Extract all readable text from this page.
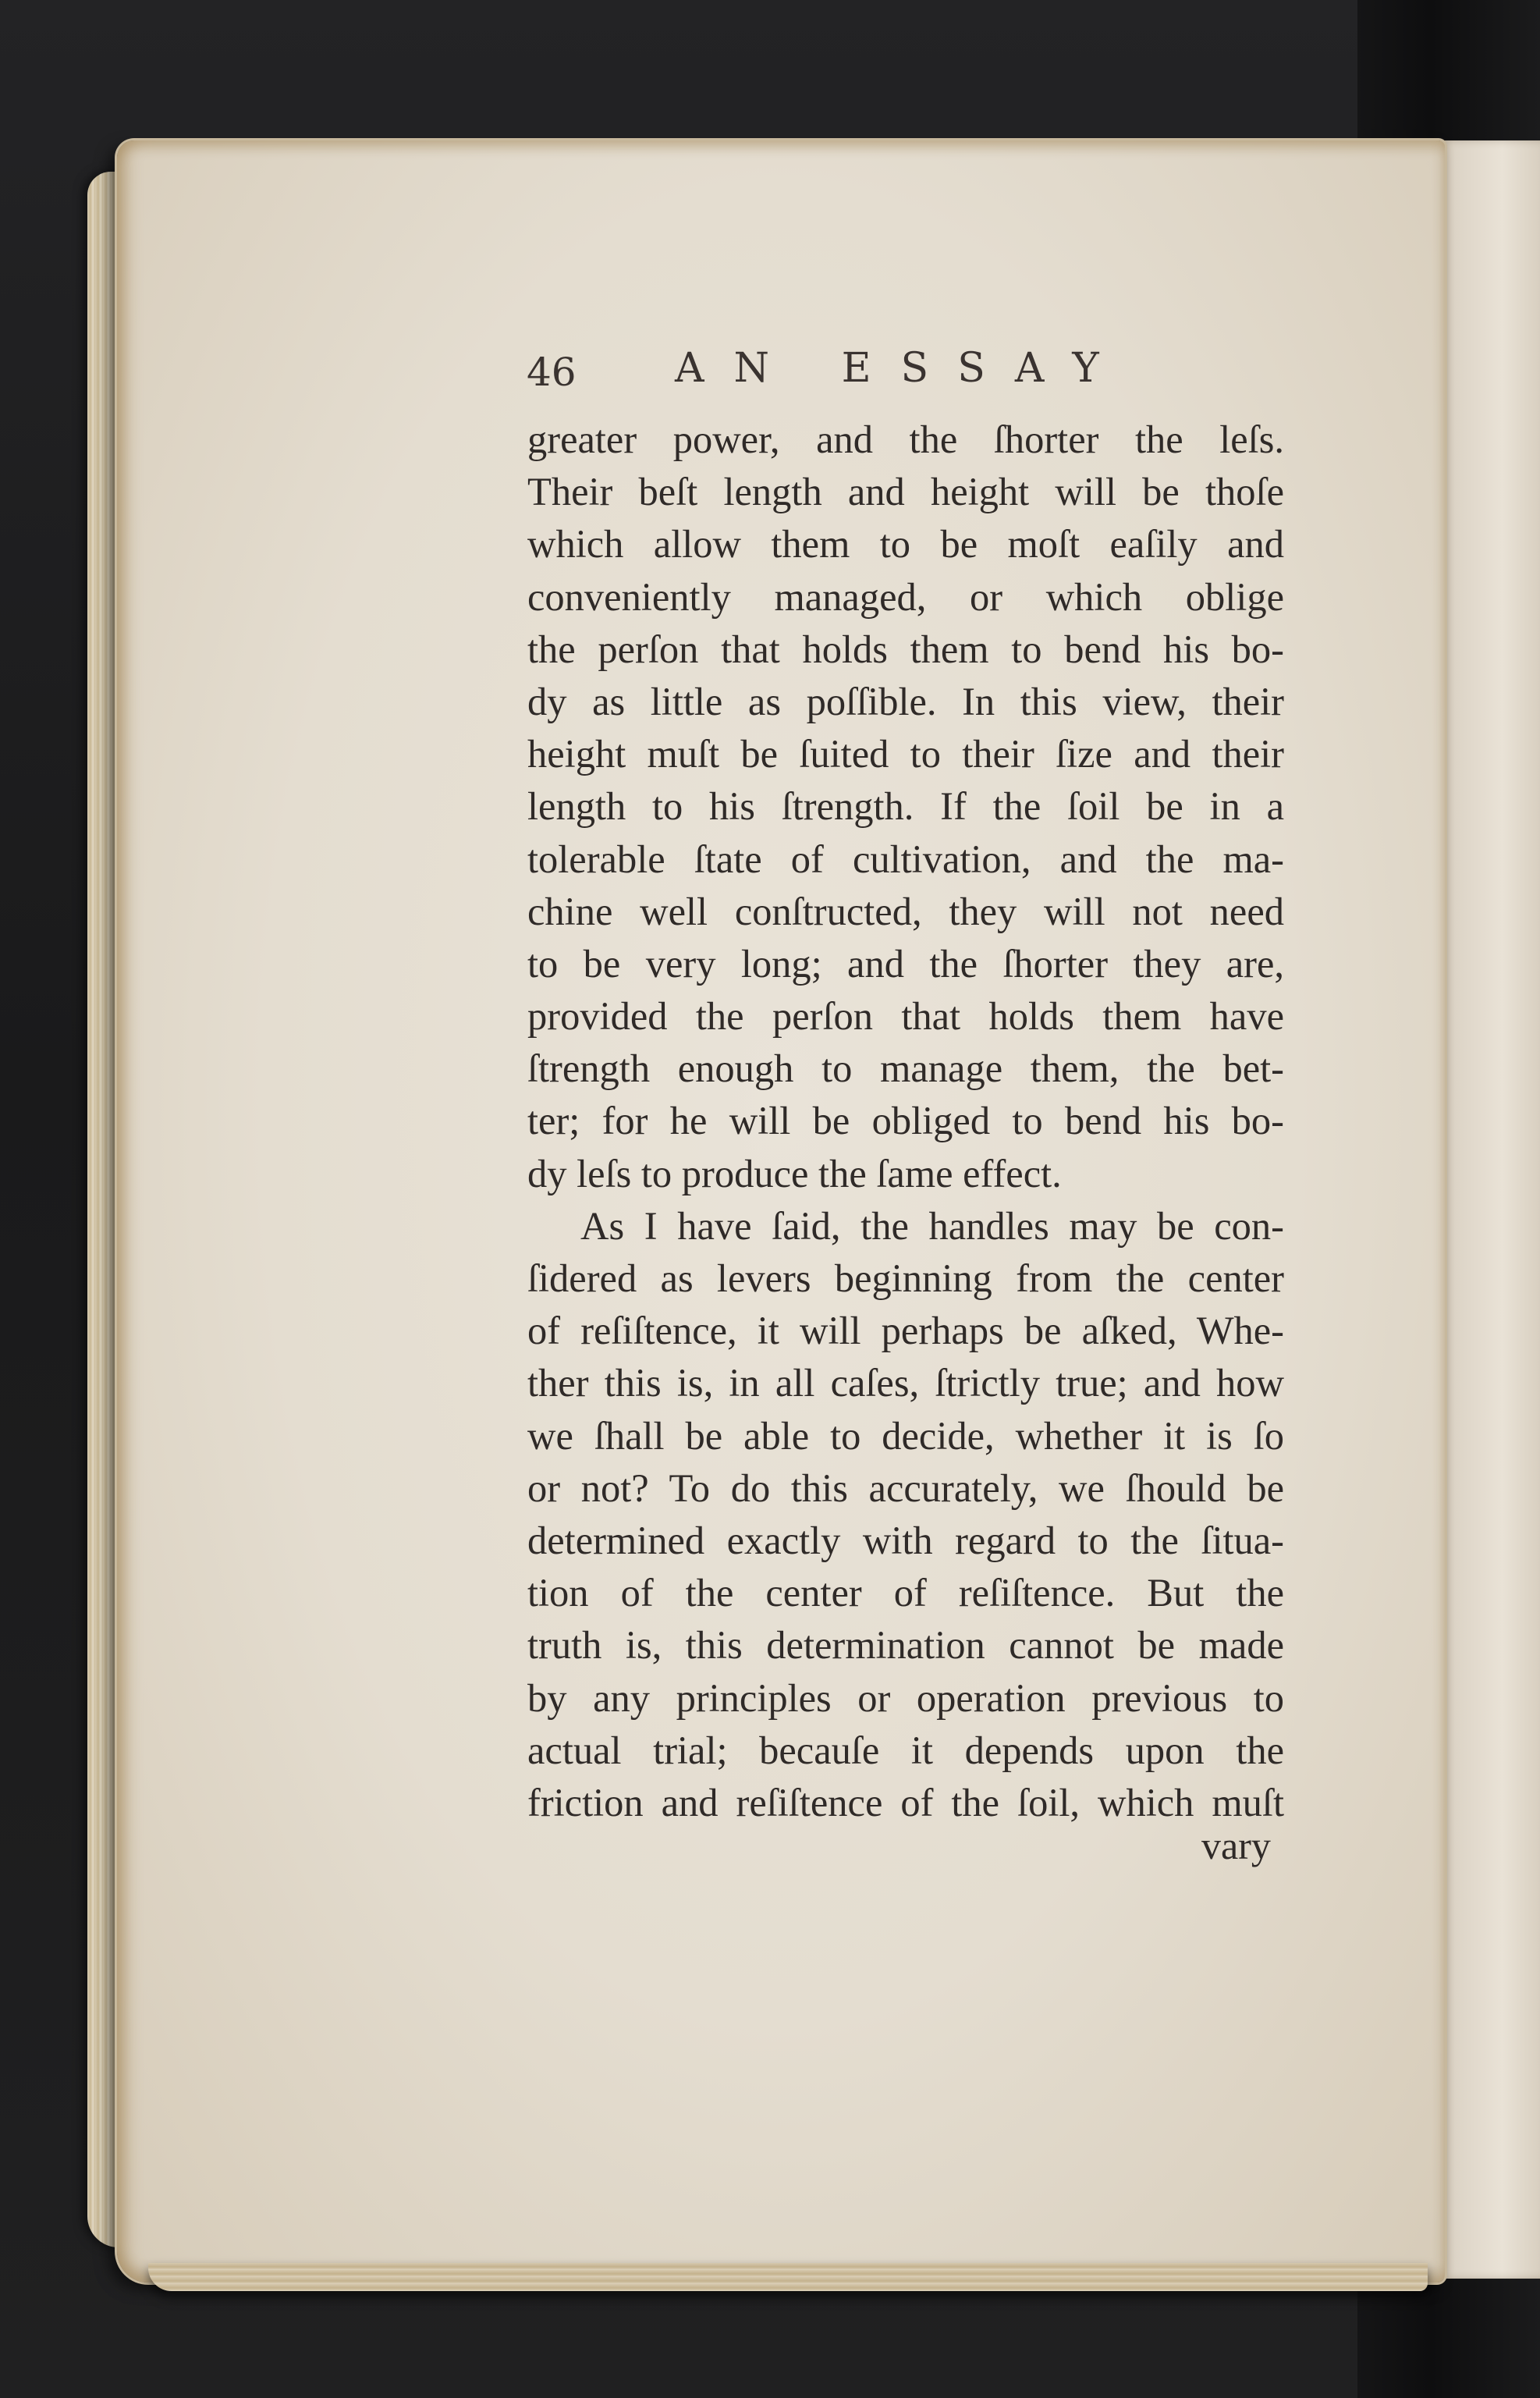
46 AN ESSAY
greater power, and the ſhorter the leſs.
Their beſt length and height will be thoſe
which allow them to be moſt eaſily and
conveniently managed, or which oblige
the perſon that holds them to bend his bo-
dy as little as poſſible. In this view, their
height muſt be ſuited to their ſize and their
length to his ſtrength. If the ſoil be in a
tolerable ſtate of cultivation, and the ma-
chine well conſtructed, they will not need
to be very long; and the ſhorter they are,
provided the perſon that holds them have
ſtrength enough to manage them, the bet-
ter; for he will be obliged to bend his bo-
dy leſs to produce the ſame effect.
As I have ſaid, the handles may be con-
ſidered as levers beginning from the center
of reſiſtence, it will perhaps be aſked, Whe-
ther this is, in all caſes, ſtrictly true; and how
we ſhall be able to decide, whether it is ſo
or not? To do this accurately, we ſhould be
determined exactly with regard to the ſitua-
tion of the center of reſiſtence. But the
truth is, this determination cannot be made
by any principles or operation previous to
actual trial; becauſe it depends upon the
friction and reſiſtence of the ſoil, which muſt
vary
